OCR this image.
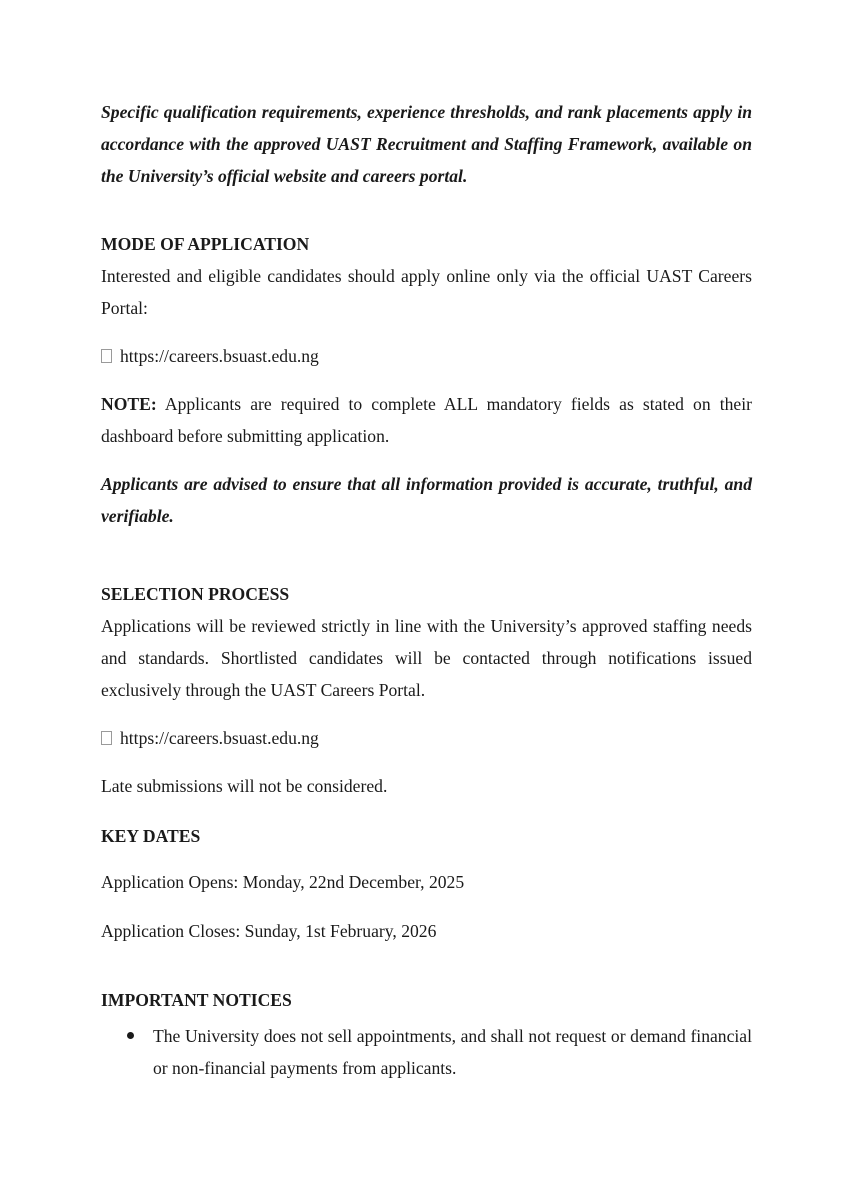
Specific qualification requirements, experience thresholds, and rank placements apply in accordance with the approved UAST Recruitment and Staffing Framework, available on the University’s official website and careers portal.

MODE OF APPLICATION

Interested and eligible candidates should apply online only via the official UAST Careers Portal:

https://careers.bsuast.edu.ng

NOTE: Applicants are required to complete ALL mandatory fields as stated on their dashboard before submitting application.

Applicants are advised to ensure that all information provided is accurate, truthful, and verifiable.

SELECTION PROCESS

Applications will be reviewed strictly in line with the University’s approved staffing needs and standards. Shortlisted candidates will be contacted through notifications issued exclusively through the UAST Careers Portal.

https://careers.bsuast.edu.ng

Late submissions will not be considered.

KEY DATES

Application Opens: Monday, 22nd December, 2025

Application Closes: Sunday, 1st February, 2026

IMPORTANT NOTICES
The University does not sell appointments, and shall not request or demand financial or non-financial payments from applicants.
